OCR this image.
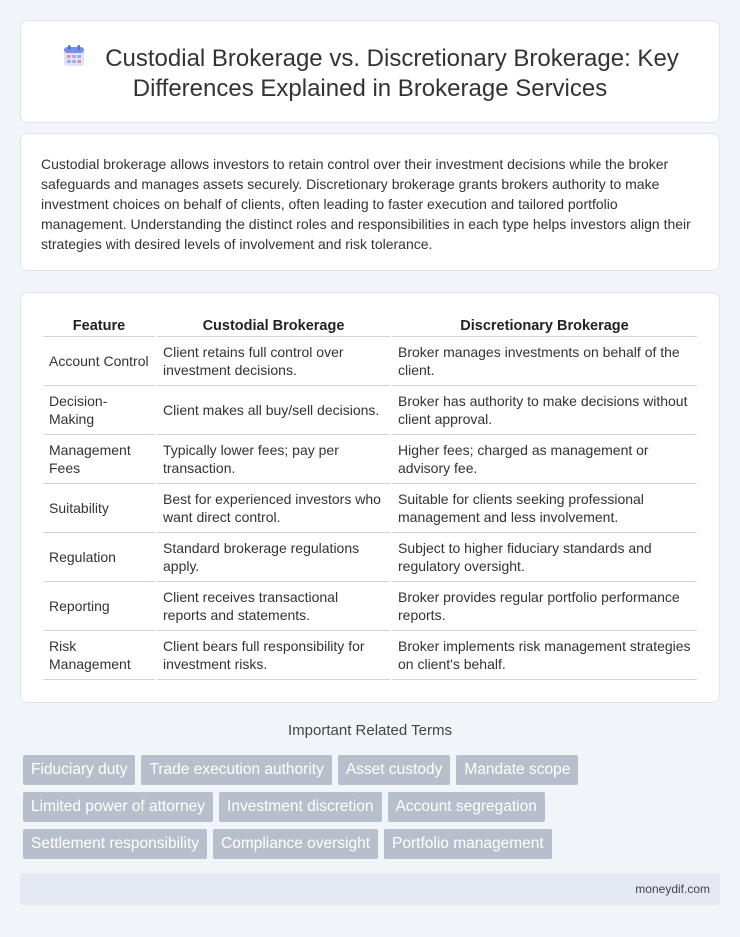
Custodial Brokerage vs. Discretionary Brokerage: Key Differences Explained in Brokerage Services

Custodial brokerage allows investors to retain control over their investment decisions while the broker safeguards and manages assets securely. Discretionary brokerage grants brokers authority to make investment choices on behalf of clients, often leading to faster execution and tailored portfolio management. Understanding the distinct roles and responsibilities in each type helps investors align their strategies with desired levels of involvement and risk tolerance.

Feature	Custodial Brokerage	Discretionary Brokerage
Account Control	Client retains full control over investment decisions.	Broker manages investments on behalf of the client.
Decision-Making	Client makes all buy/sell decisions.	Broker has authority to make decisions without client approval.
Management Fees	Typically lower fees; pay per transaction.	Higher fees; charged as management or advisory fee.
Suitability	Best for experienced investors who want direct control.	Suitable for clients seeking professional management and less involvement.
Regulation	Standard brokerage regulations apply.	Subject to higher fiduciary standards and regulatory oversight.
Reporting	Client receives transactional reports and statements.	Broker provides regular portfolio performance reports.
Risk Management	Client bears full responsibility for investment risks.	Broker implements risk management strategies on client's behalf.
Important Related Terms
Fiduciary duty	Trade execution authority	Asset custody	Mandate scope
Limited power of attorney	Investment discretion	Account segregation
Settlement responsibility	Compliance oversight	Portfolio management
moneydif.com
